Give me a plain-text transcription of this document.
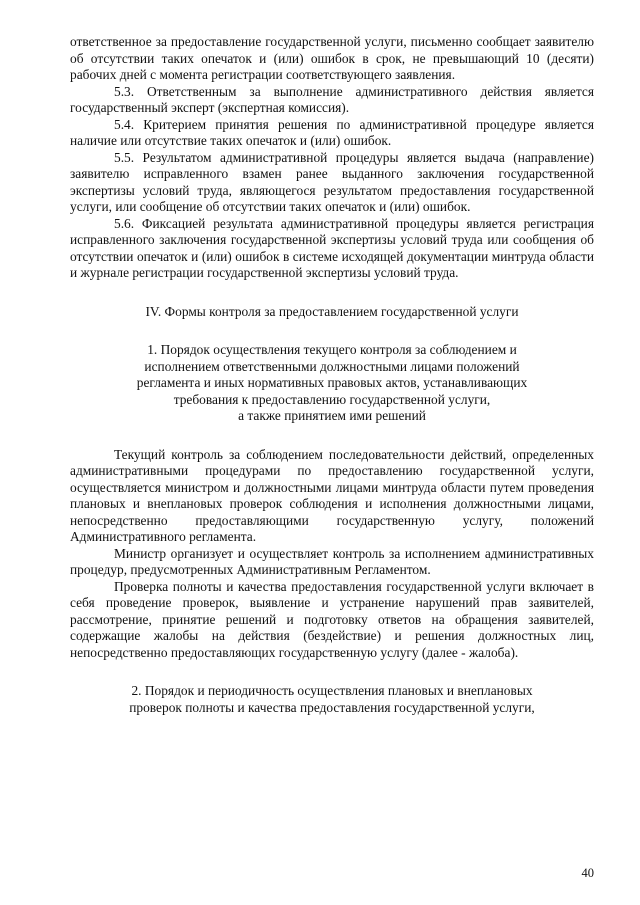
ответственное за предоставление государственной услуги, письменно сообщает заявителю об отсутствии таких опечаток и (или) ошибок в срок, не превышающий 10 (десяти) рабочих дней с момента регистрации соответствующего заявления.

5.3. Ответственным за выполнение административного действия является государственный эксперт (экспертная комиссия).

5.4. Критерием принятия решения по административной процедуре является наличие или отсутствие таких опечаток и (или) ошибок.

5.5. Результатом административной процедуры является выдача (направление) заявителю исправленного взамен ранее выданного заключения государственной экспертизы условий труда, являющегося результатом предоставления государственной услуги, или сообщение об отсутствии таких опечаток и (или) ошибок.

5.6. Фиксацией результата административной процедуры является регистрация исправленного заключения государственной экспертизы условий труда или сообщения об отсутствии опечаток и (или) ошибок в системе исходящей документации минтруда области и журнале регистрации государственной экспертизы условий труда.

IV. Формы контроля за предоставлением государственной услуги

1. Порядок осуществления текущего контроля за соблюдением и

исполнением ответственными должностными лицами положений

регламента и иных нормативных правовых актов, устанавливающих

требования к предоставлению государственной услуги,

а также принятием ими решений

Текущий контроль за соблюдением последовательности действий, определенных административными процедурами по предоставлению государственной услуги, осуществляется министром и должностными лицами минтруда области путем проведения плановых и внеплановых проверок соблюдения и исполнения должностными лицами, непосредственно предоставляющими государственную услугу, положений Административного регламента.

Министр организует и осуществляет контроль за исполнением административных процедур, предусмотренных Административным Регламентом.

Проверка полноты и качества предоставления государственной услуги включает в себя проведение проверок, выявление и устранение нарушений прав заявителей, рассмотрение, принятие решений и подготовку ответов на обращения заявителей, содержащие жалобы на действия (бездействие) и решения должностных лиц, непосредственно предоставляющих государственную услугу (далее - жалоба).

2. Порядок и периодичность осуществления плановых и внеплановых

проверок полноты и качества предоставления государственной услуги,

40
